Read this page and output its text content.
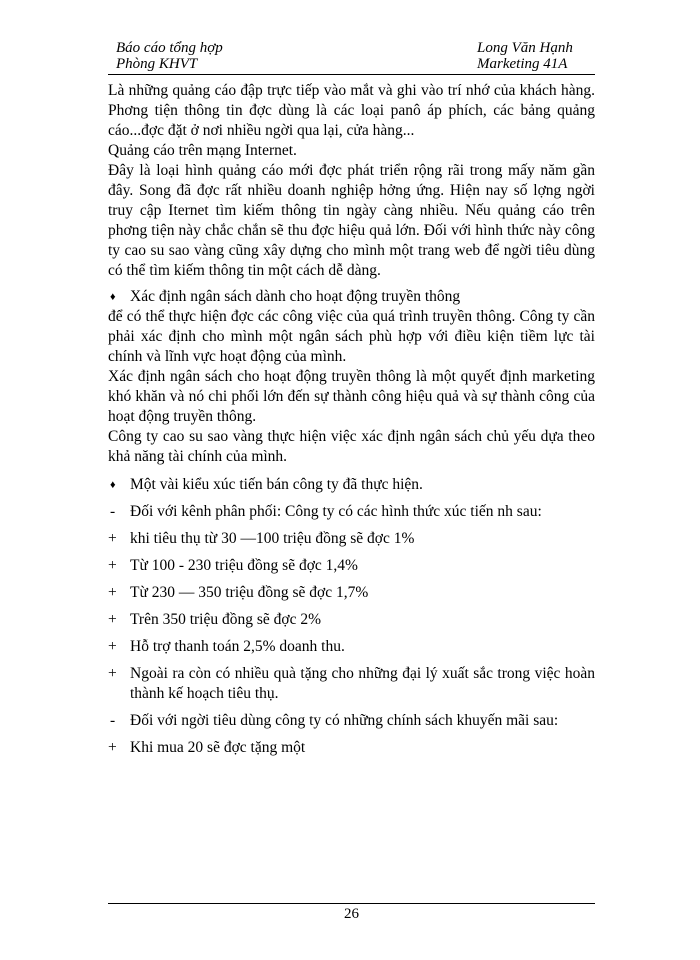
Báo cáo tổng hợp	Long Văn Hạnh
Phòng KHVT	Marketing 41A

Là những quảng cáo đập trực tiếp vào mắt và ghi vào trí nhớ của khách hàng. Phơng tiện thông tin đợc dùng là các loại panô áp phích, các bảng quảng cáo...đợc đặt ở nơi nhiều ngời qua lại, cửa hàng...

Quảng cáo trên mạng Internet.

Đây là loại hình quảng cáo mới đợc phát triển rộng rãi trong mấy năm gần đây. Song đã đợc rất nhiều doanh nghiệp hởng ứng. Hiện nay số lợng ngời truy cập Iternet tìm kiếm thông tin ngày càng nhiều. Nếu quảng cáo trên phơng tiện này chắc chắn sẽ thu đợc hiệu quả lớn. Đối với hình thức này công ty cao su sao vàng cũng xây dựng cho mình một trang web để ngời tiêu dùng có thể tìm kiếm thông tin một cách dễ dàng.

♦ Xác định ngân sách dành cho hoạt động truyền thông

để có thể thực hiện đợc các công việc của quá trình truyền thông. Công ty cần phải xác định cho mình một ngân sách phù hợp với điều kiện tiềm lực tài chính và lĩnh vực hoạt động của mình.

Xác định ngân sách cho hoạt động truyền thông là một quyết định marketing khó khăn và nó chi phối lớn đến sự thành công hiệu quả và sự thành công của hoạt động truyền thông.

Công ty cao su sao vàng thực hiện việc xác định ngân sách chủ yếu dựa theo khả năng tài chính của mình.

♦ Một vài kiểu xúc tiến bán công ty đã thực hiện.
- Đối với kênh phân phối: Công ty có các hình thức xúc tiến nh sau:
+ khi tiêu thụ từ 30 —100 triệu đồng sẽ đợc 1%
+ Từ 100 - 230 triệu đồng sẽ đợc 1,4%
+ Từ 230 — 350 triệu đồng sẽ đợc 1,7%
+ Trên 350 triệu đồng sẽ đợc 2%
+ Hỗ trợ thanh toán 2,5% doanh thu.
+ Ngoài ra còn có nhiều quà tặng cho những đại lý xuất sắc trong việc hoàn thành kế hoạch tiêu thụ.
- Đối với ngời tiêu dùng công ty có những chính sách khuyến mãi sau:
+ Khi mua 20 sẽ đợc tặng một
26
